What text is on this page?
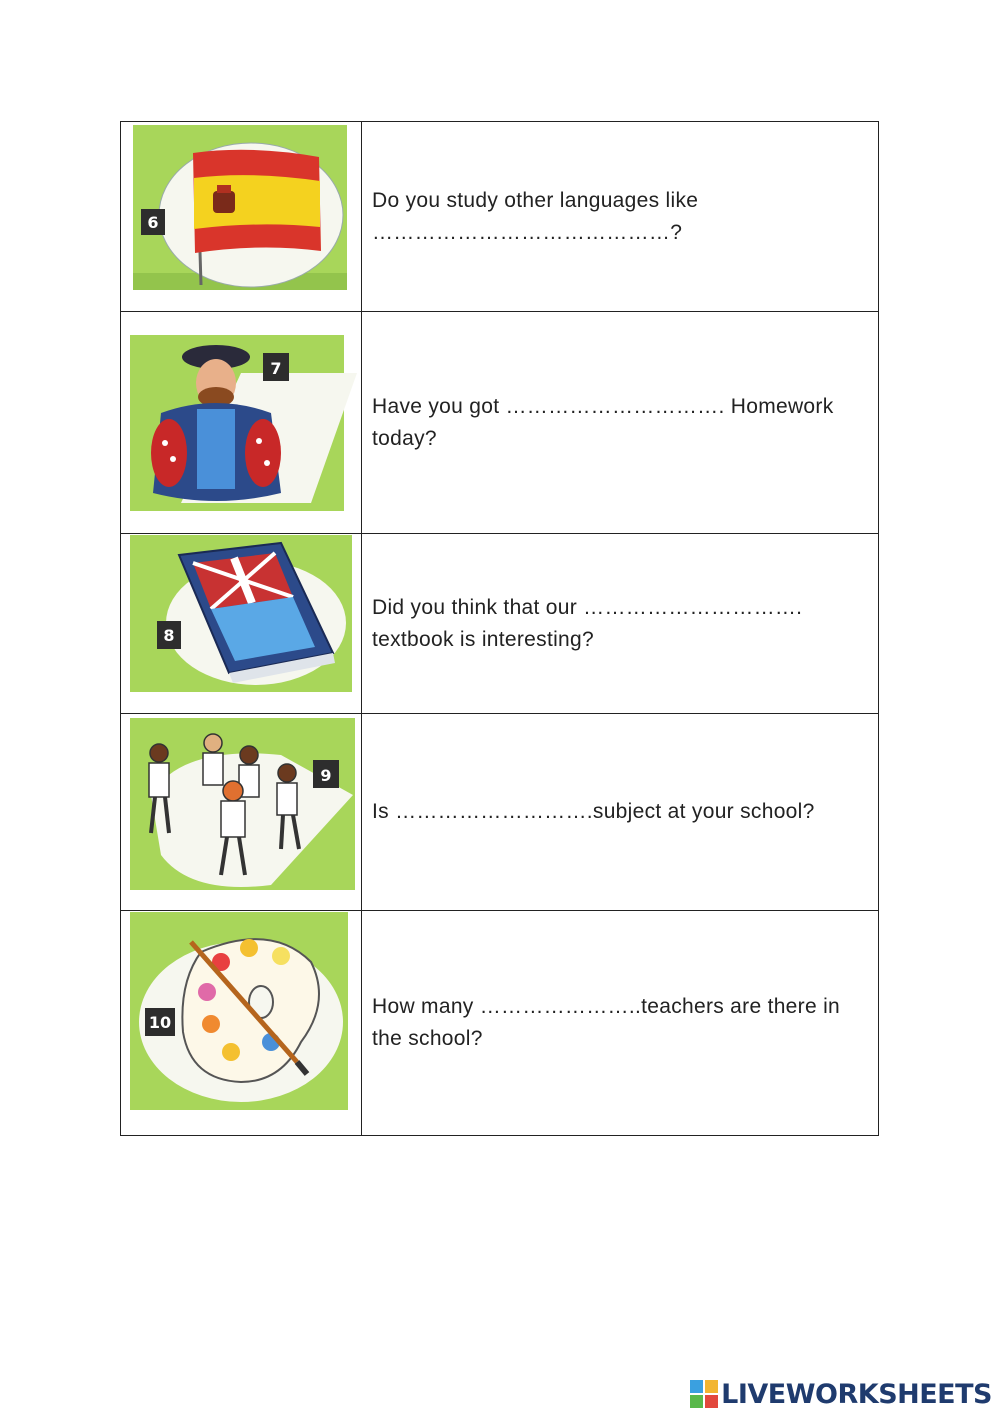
6	Do you study other languages like ……………………………………?

7	Have you got …………………………. Homework today?

8	Did you think that our …………………………. textbook is interesting?

9	Is ……………………….subject at your school?

10	How many …………………..teachers are there in the school?
LIVEWORKSHEETS
